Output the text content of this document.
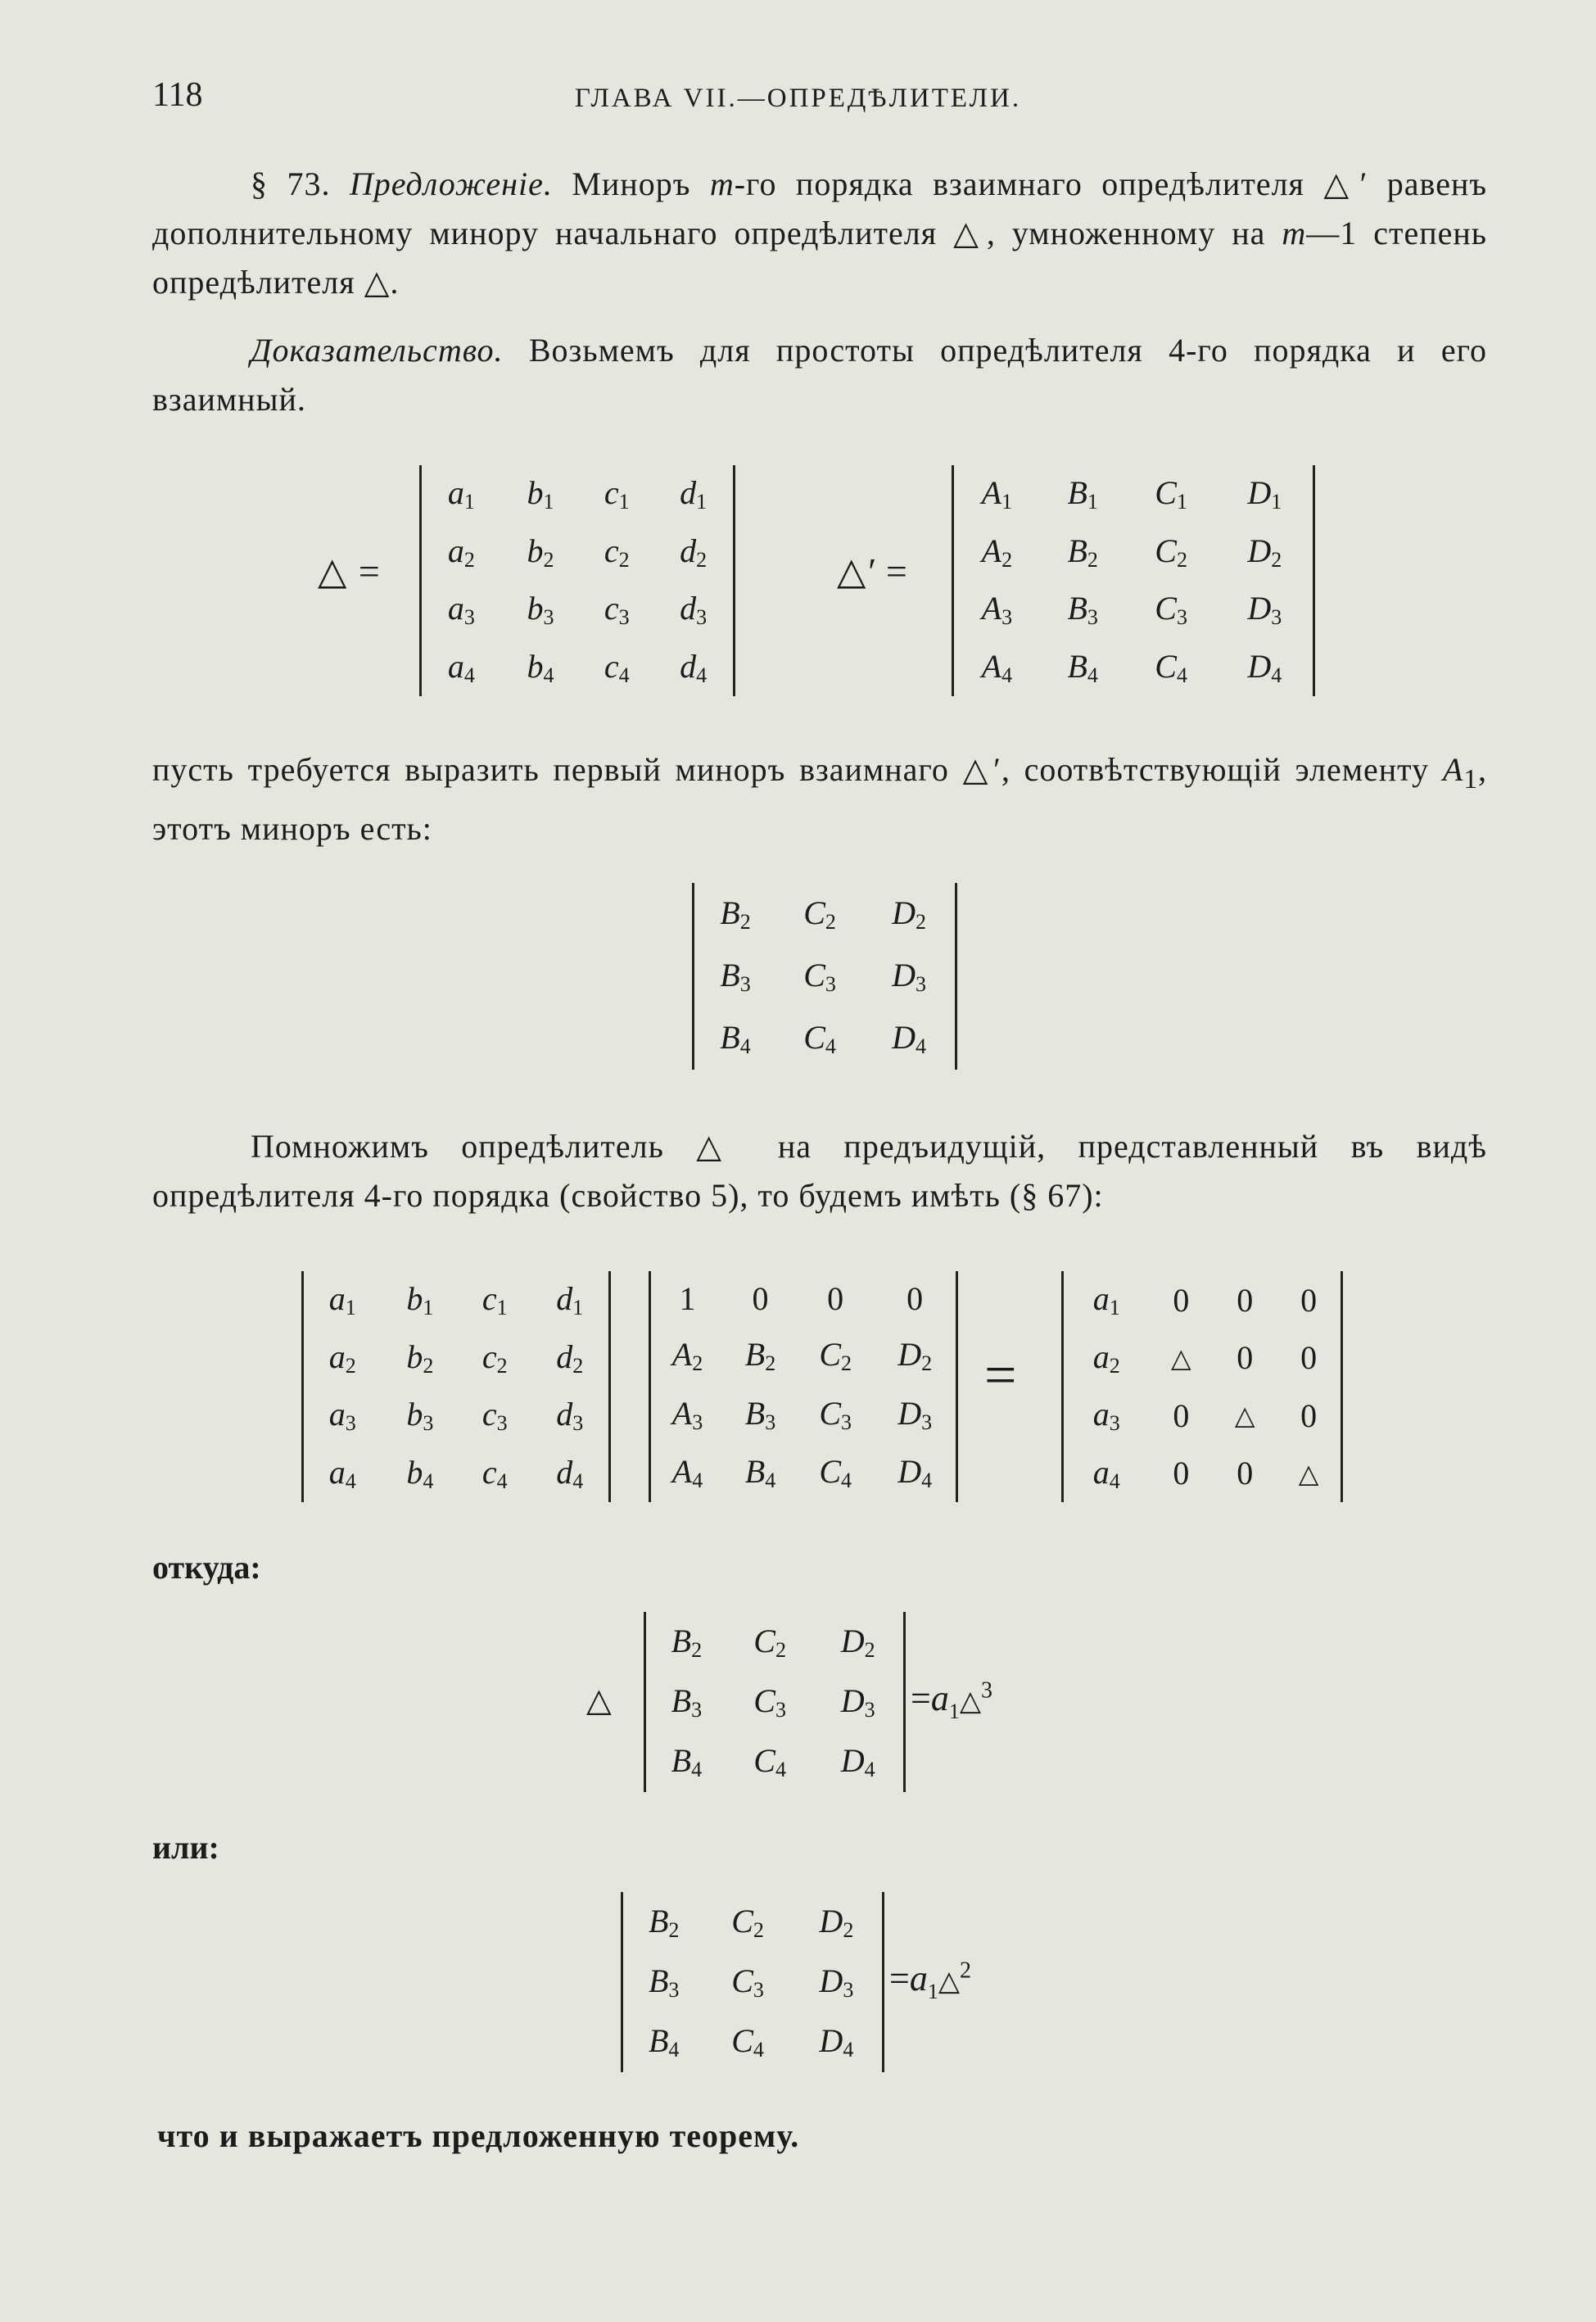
118	ГЛАВА VII.—ОПРЕДѢЛИТЕЛИ.

§ 73. Предложеніе. Миноръ m-го порядка взаимнаго опредѣлителя △′ равенъ дополнительному минору начальнаго опредѣлителя △, умноженному на m—1 степень опредѣлителя △.

Доказательство. Возьмемъ для простоты опредѣлителя 4-го порядка и его взаимный.

△ =
$a_1$	$b_1$	$c_1$	$d_1$
$a_2$	$b_2$	$c_2$	$d_2$
$a_3$	$b_3$	$c_3$	$d_3$
$a_4$	$b_4$	$c_4$	$d_4$
△′ =
$A_1$	$B_1$	$C_1$	$D_1$
$A_2$	$B_2$	$C_2$	$D_2$
$A_3$	$B_3$	$C_3$	$D_3$
$A_4$	$B_4$	$C_4$	$D_4$

пусть требуется выразить первый миноръ взаимнаго △′, соотвѣтствующій элементу $A_1$, этотъ миноръ есть:

$B_2$	$C_2$	$D_2$
$B_3$	$C_3$	$D_3$
$B_4$	$C_4$	$D_4$

Помножимъ опредѣлитель △ на предъидущій, представленный въ видѣ опредѣлителя 4-го порядка (свойство 5), то будемъ имѣть (§ 67):

$a_1$	$b_1$	$c_1$	$d_1$
$a_2$	$b_2$	$c_2$	$d_2$
$a_3$	$b_3$	$c_3$	$d_3$
$a_4$	$b_4$	$c_4$	$d_4$
1	0	0	0
$A_2$	$B_2$	$C_2$	$D_2$
$A_3$	$B_3$	$C_3$	$D_3$
$A_4$	$B_4$	$C_4$	$D_4$
=
$a_1$	0	0	0
$a_2$	△	0	0
$a_3$	0	△	0
$a_4$	0	0	△
откуда:
△
$B_2$	$C_2$	$D_2$
$B_3$	$C_3$	$D_3$
$B_4$	$C_4$	$D_4$
$=a_1\triangle^3$
или:
$B_2$	$C_2$	$D_2$
$B_3$	$C_3$	$D_3$
$B_4$	$C_4$	$D_4$
$=a_1\triangle^2$
что и выражаетъ предложенную теорему.
